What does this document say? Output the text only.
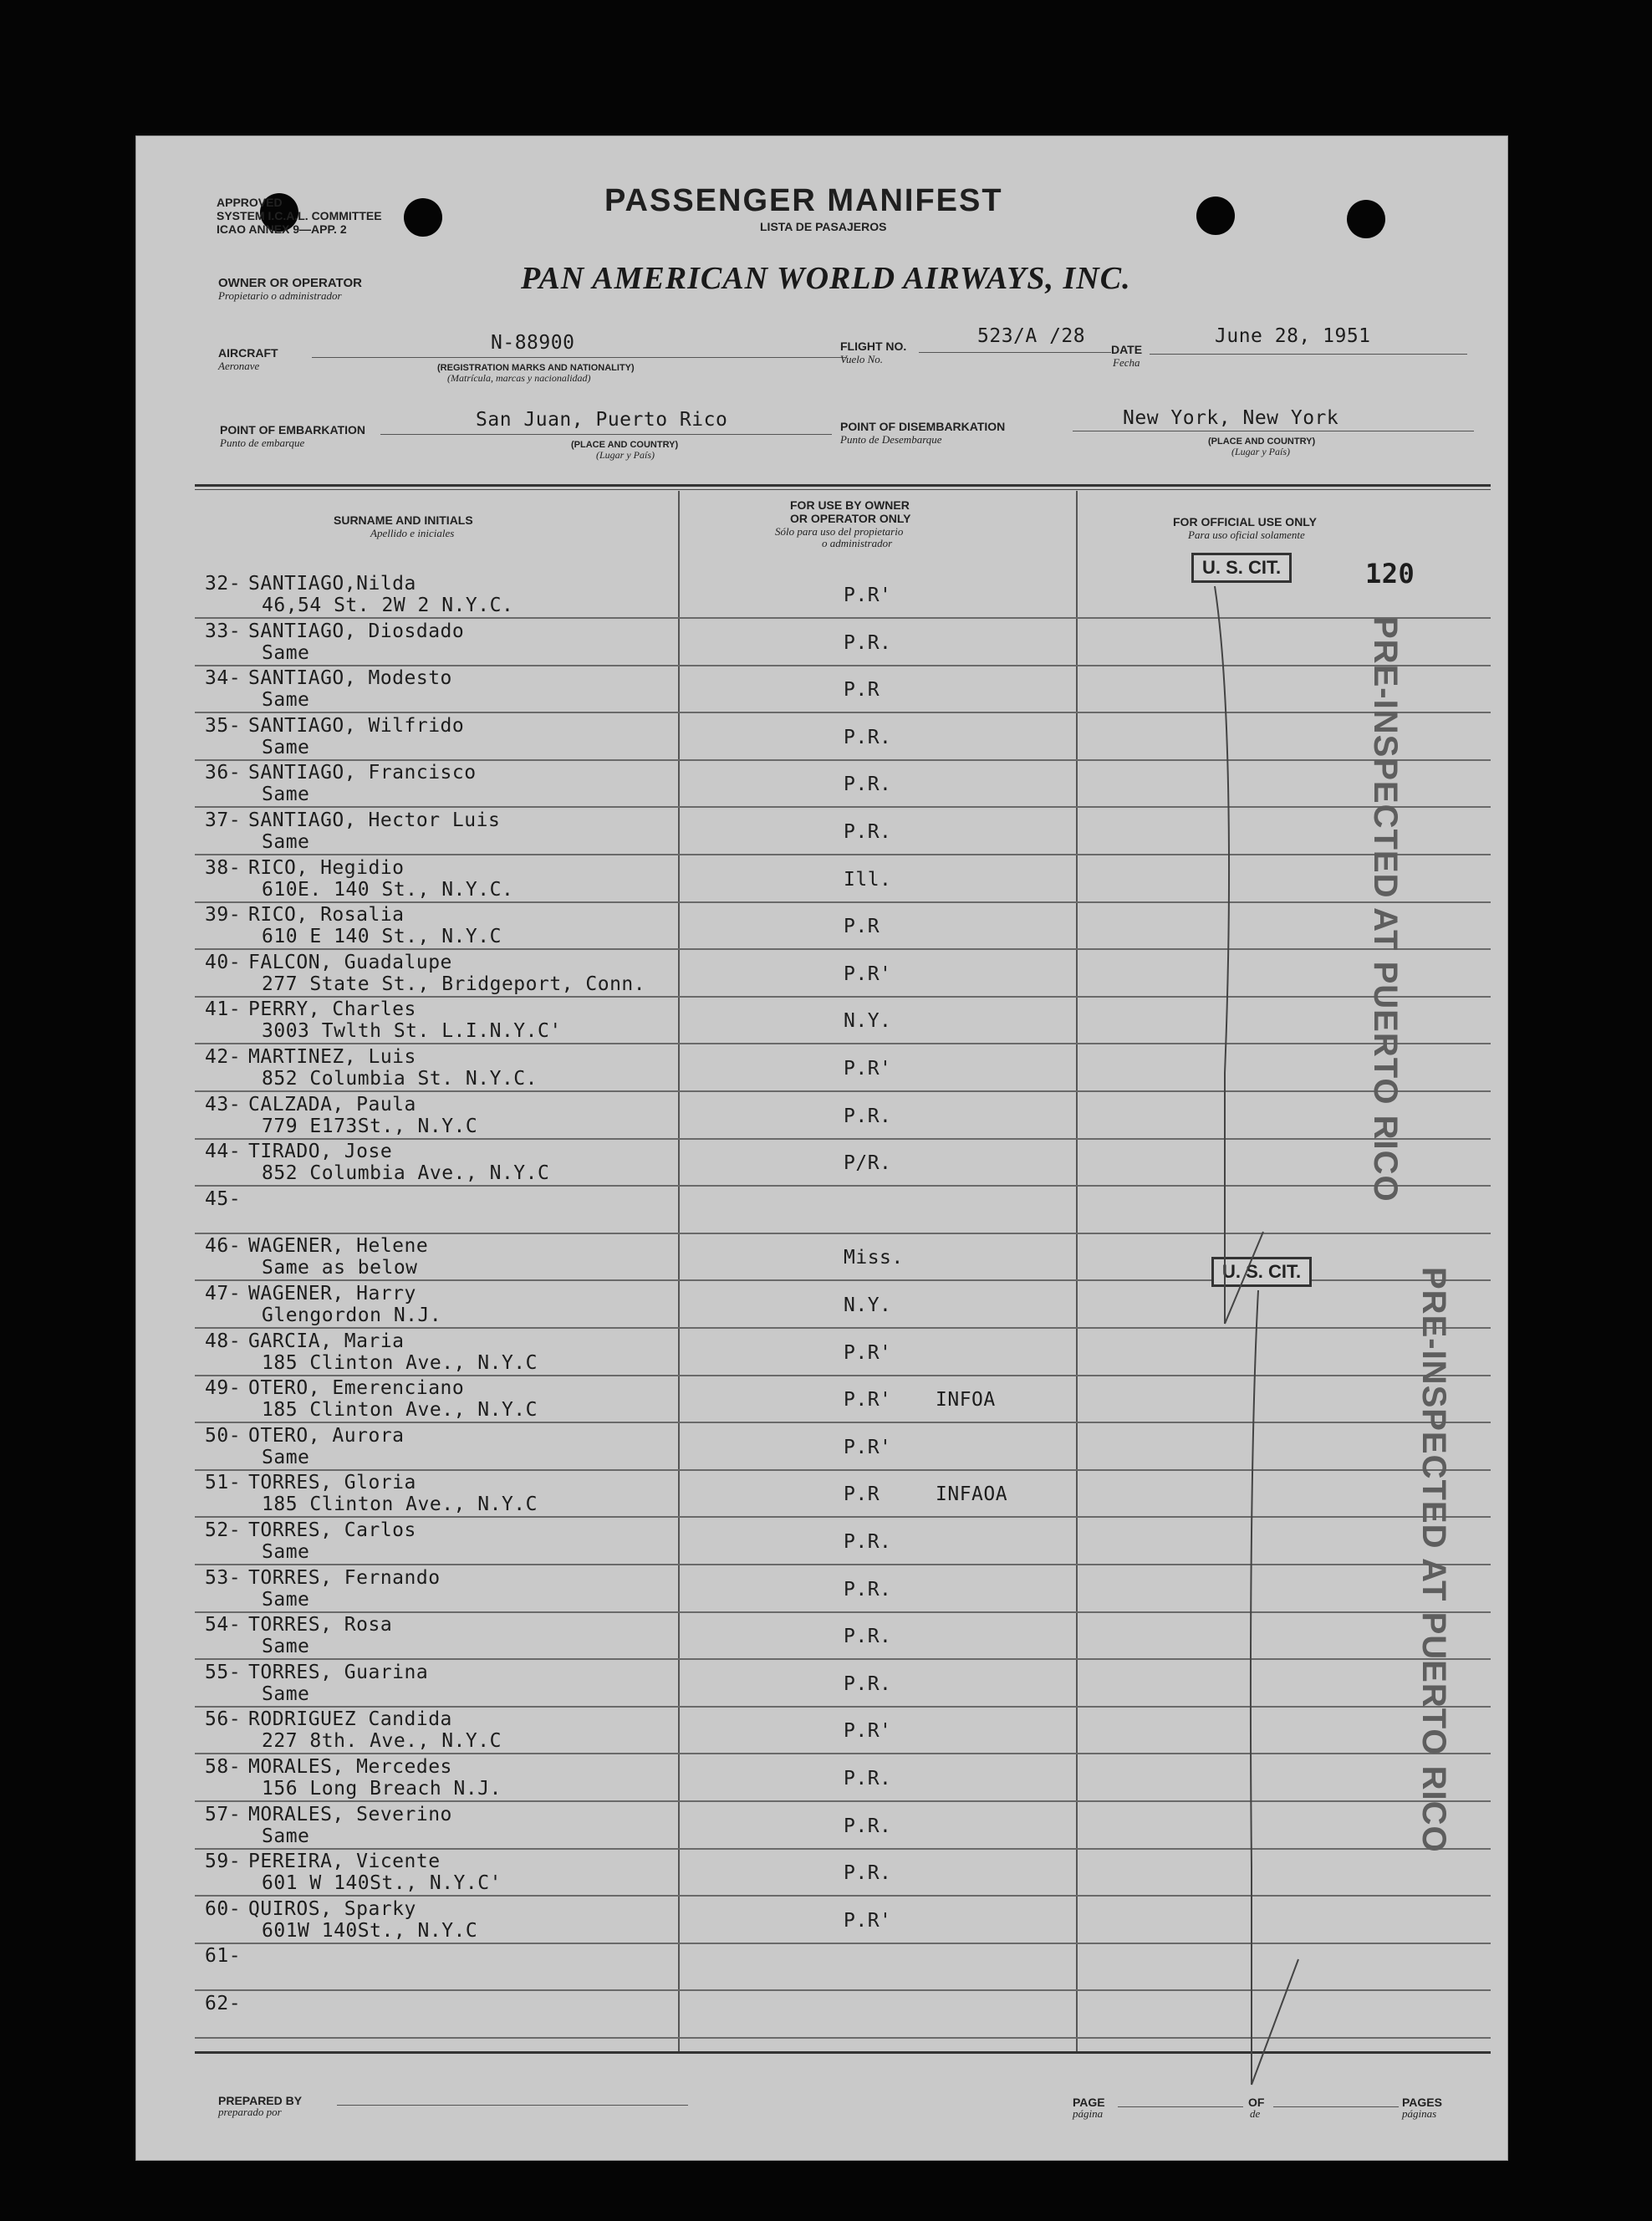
APPROVED
SYSTEM I.C.A.L. COMMITTEE
ICAO ANNEX 9—APP. 2
PASSENGER MANIFEST
LISTA DE PASAJEROS
OWNER OR OPERATOR
Propietario o administrador	PAN AMERICAN WORLD AIRWAYS, INC.
AIRCRAFT
Aeronave
N-88900
(REGISTRATION MARKS AND NATIONALITY)
(Matrícula, marcas y nacionalidad)
FLIGHT NO.
Vuelo No.
523/A /28
DATE
Fecha
June 28, 1951
POINT OF EMBARKATION
Punto de embarque
San Juan, Puerto Rico
(PLACE AND COUNTRY)
(Lugar y País)
POINT OF DISEMBARKATION
Punto de Desembarque
New York, New York
(PLACE AND COUNTRY)
(Lugar y País)
SURNAME AND INITIALS
Apellido e iniciales
FOR USE BY OWNER
OR OPERATOR ONLY
Sólo para uso del propietario
o administrador
FOR OFFICIAL USE ONLY
Para uso oficial solamente
120
32- SANTIAGO,Nilda
46,54 St. 2W 2 N.Y.C.	P.R'
33- SANTIAGO, Diosdado
Same	P.R.
34- SANTIAGO, Modesto
Same	P.R
35- SANTIAGO, Wilfrido
Same	P.R.
36- SANTIAGO, Francisco
Same	P.R.
37- SANTIAGO, Hector Luis
Same	P.R.
38- RICO, Hegidio
610E. 140 St., N.Y.C.	Ill.
39- RICO, Rosalia
610 E 140 St., N.Y.C	P.R
40- FALCON, Guadalupe
277 State St., Bridgeport, Conn.	P.R'
41- PERRY, Charles
3003 Twlth St. L.I.N.Y.C'	N.Y.
42- MARTINEZ, Luis
852 Columbia St. N.Y.C.	P.R'
43- CALZADA, Paula
779 E173St., N.Y.C	P.R.
44- TIRADO, Jose
852 Columbia Ave., N.Y.C	P/R.
45-
46- WAGENER, Helene
Same as below	Miss.
47- WAGENER, Harry
Glengordon N.J.	N.Y.
48- GARCIA, Maria
185 Clinton Ave., N.Y.C	P.R'
49- OTERO, Emerenciano
185 Clinton Ave., N.Y.C	P.R' INFOA
50- OTERO, Aurora
Same	P.R'
51- TORRES, Gloria
185 Clinton Ave., N.Y.C	P.R	INFAOA
52- TORRES, Carlos
Same	P.R.
53- TORRES, Fernando
Same	P.R.
54- TORRES, Rosa
Same	P.R.
55- TORRES, Guarina
Same	P.R.
56- RODRIGUEZ Candida
227 8th. Ave., N.Y.C	P.R'
58- MORALES, Mercedes
156 Long Breach N.J.	P.R.
57- MORALES, Severino
Same	P.R.
59- PEREIRA, Vicente
601 W 140St., N.Y.C'	P.R.
60- QUIROS, Sparky
601W 140St., N.Y.C	P.R'
61-
62-
U. S. CIT.
U. S. CIT.
PRE-INSPECTED AT PUERTO RICO
PRE-INSPECTED AT PUERTO RICO
PREPARED BY
preparado por
PAGE
página
OF
de
PAGES
páginas
